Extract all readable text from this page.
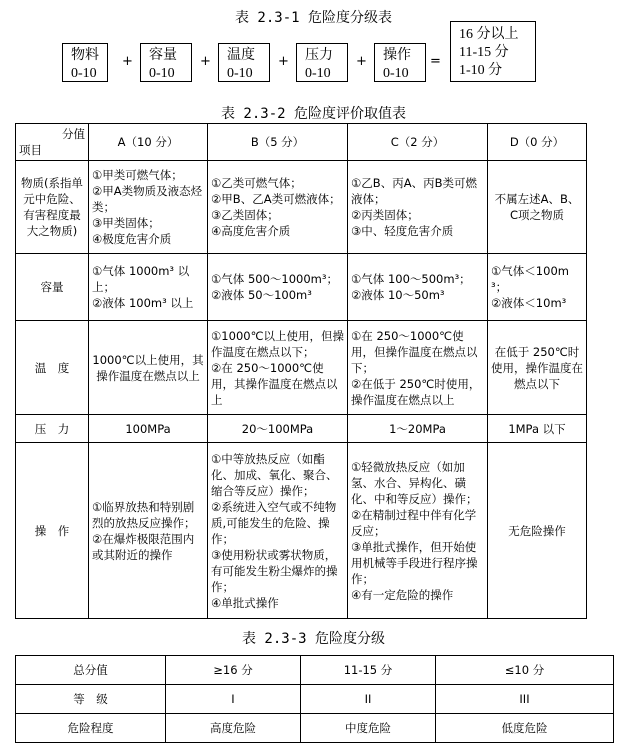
表 2.3-1 危险度分级表
物料
0-10
+ 容量
0-10
+ 温度
0-10
+ 压力
0-10
+ 操作
0-10
16 分以上
11-15 分
1-10 分
=
表 2.3-2 危险度评价取值表
分值
项目	A（10 分）	B（5 分）	C（2 分）	D（0 分）
物质(系指单元中危险、有害程度最大之物质)	①甲类可燃气体；
②甲A类物质及液态烃类；
③甲类固体；
④极度危害介质	①乙类可燃气体；
②甲B、乙A类可燃液体；
③乙类固体；
④高度危害介质	①乙B、丙A、丙B类可燃液体；
②丙类固体；
③中、轻度危害介质	不属左述A、B、C项之物质
容量	①气体 1000m³ 以上；
②液体 100m³ 以上	①气体 500～1000m³；
②液体 50～100m³	①气体 100～500m³；
②液体 10～50m³	①气体＜100m³；
②液体＜10m³
温　度	1000℃以上使用，其操作温度在燃点以上	①1000℃以上使用，但操作温度在燃点以下；
②在 250～1000℃使用，其操作温度在燃点以上	①在 250～1000℃使用，但操作温度在燃点以下；
②在低于 250℃时使用，操作温度在燃点以上	在低于 250℃时使用，操作温度在燃点以下
压　力	100MPa	20～100MPa	1～20MPa	1MPa 以下
操　作	①临界放热和特别剧烈的放热反应操作；
②在爆炸极限范围内或其附近的操作	①中等放热反应（如酯化、加成、氧化、聚合、缩合等反应）操作；
②系统进入空气或不纯物质,可能发生的危险、操作；
③使用粉状或雾状物质，有可能发生粉尘爆炸的操作；
④单批式操作	①轻微放热反应（如加氢、水合、异构化、磺化、中和等反应）操作；
②在精制过程中伴有化学反应；
③单批式操作，但开始使用机械等手段进行程序操作；
④有一定危险的操作	无危险操作
表 2.3-3 危险度分级
总分值	≥16 分	11-15 分	≤10 分
等　级	I	II	III
危险程度	高度危险	中度危险	低度危险
